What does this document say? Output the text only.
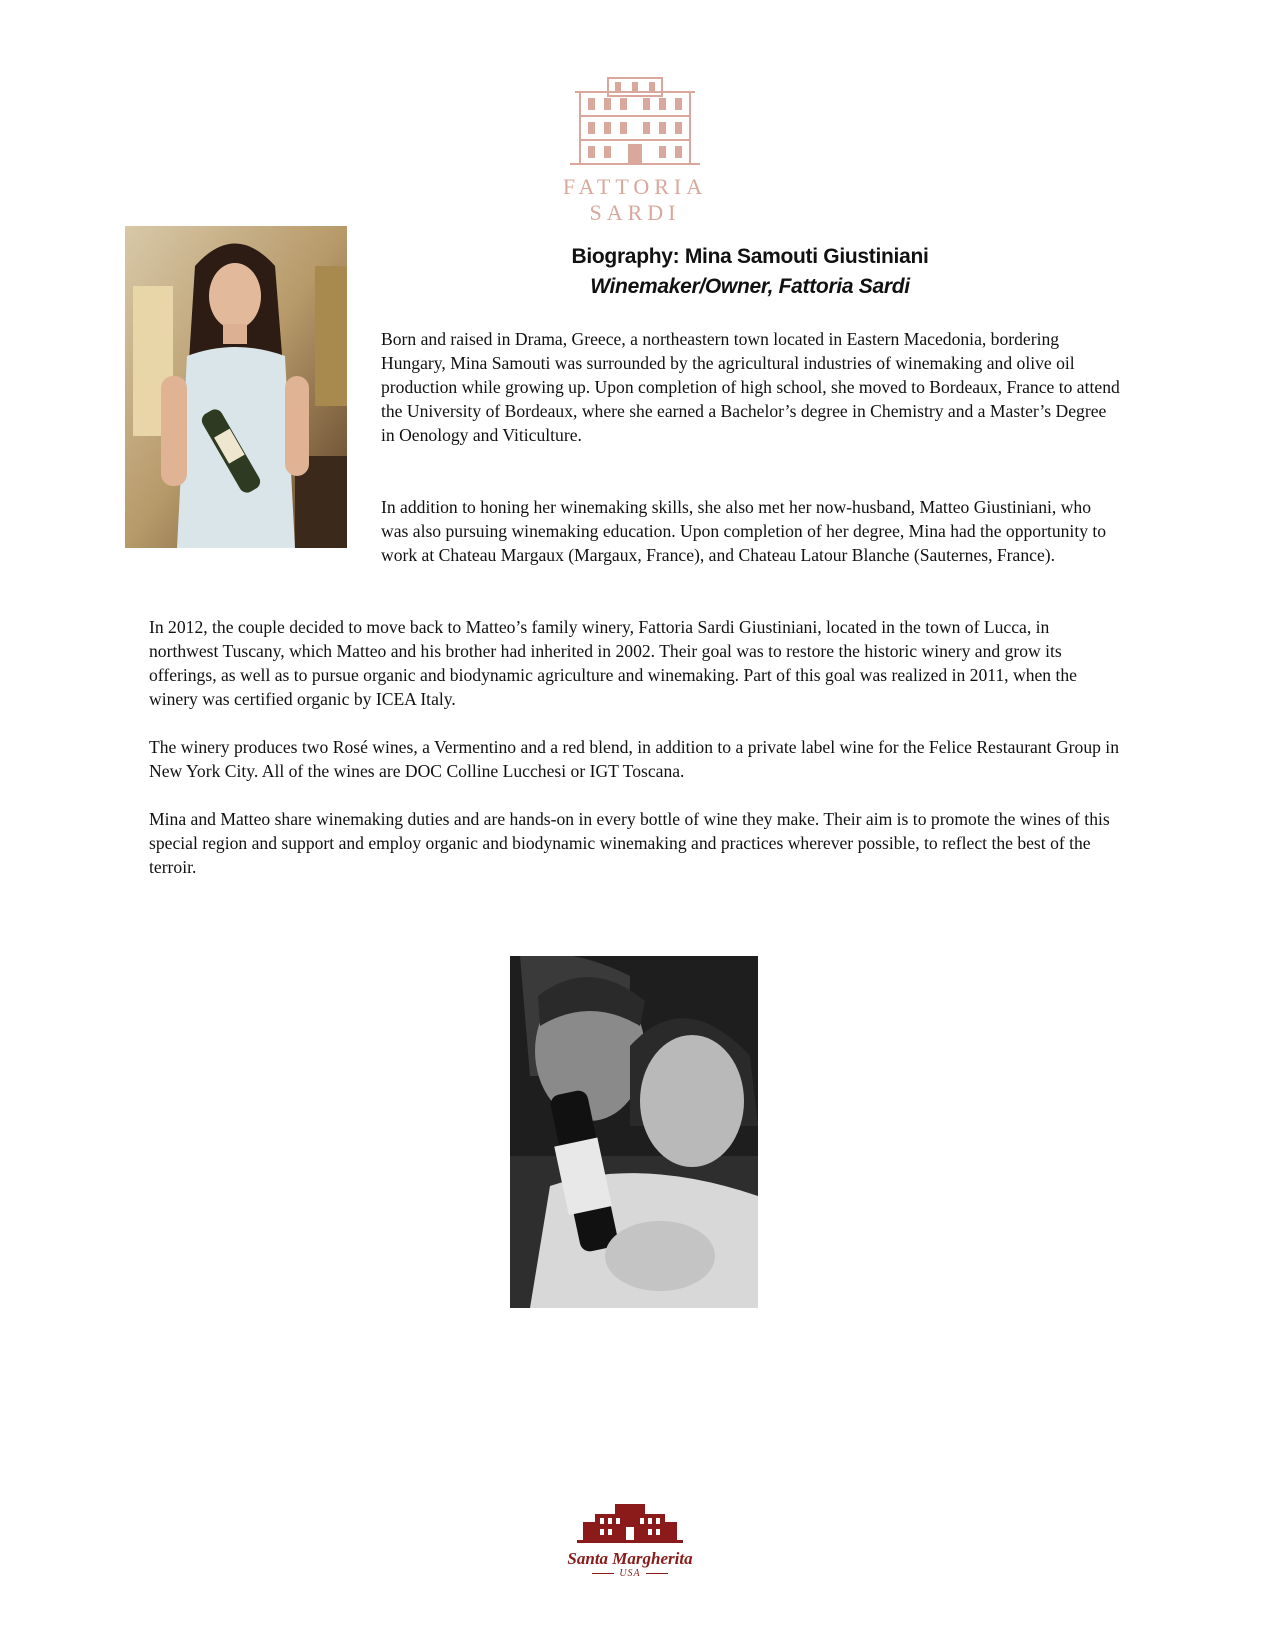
FATTORIA SARDI
Biography: Mina Samouti Giustiniani
Winemaker/Owner, Fattoria Sardi

Born and raised in Drama, Greece, a northeastern town located in Eastern Macedonia, bordering Hungary, Mina Samouti was surrounded by the agricultural industries of winemaking and olive oil production while growing up. Upon completion of high school, she moved to Bordeaux, France to attend the University of Bordeaux, where she earned a Bachelor’s degree in Chemistry and a Master’s Degree in Oenology and Viticulture.

In addition to honing her winemaking skills, she also met her now-husband, Matteo Giustiniani, who was also pursuing winemaking education. Upon completion of her degree, Mina had the opportunity to work at Chateau Margaux (Margaux, France), and Chateau Latour Blanche (Sauternes, France).

In 2012, the couple decided to move back to Matteo’s family winery, Fattoria Sardi Giustiniani, located in the town of Lucca, in northwest Tuscany, which Matteo and his brother had inherited in 2002. Their goal was to restore the historic winery and grow its offerings, as well as to pursue organic and biodynamic agriculture and winemaking. Part of this goal was realized in 2011, when the winery was certified organic by ICEA Italy.

The winery produces two Rosé wines, a Vermentino and a red blend, in addition to a private label wine for the Felice Restaurant Group in New York City. All of the wines are DOC Colline Lucchesi or IGT Toscana.

Mina and Matteo share winemaking duties and are hands-on in every bottle of wine they make. Their aim is to promote the wines of this special region and support and employ organic and biodynamic winemaking and practices wherever possible, to reflect the best of the terroir.

Santa Margherita
USA
